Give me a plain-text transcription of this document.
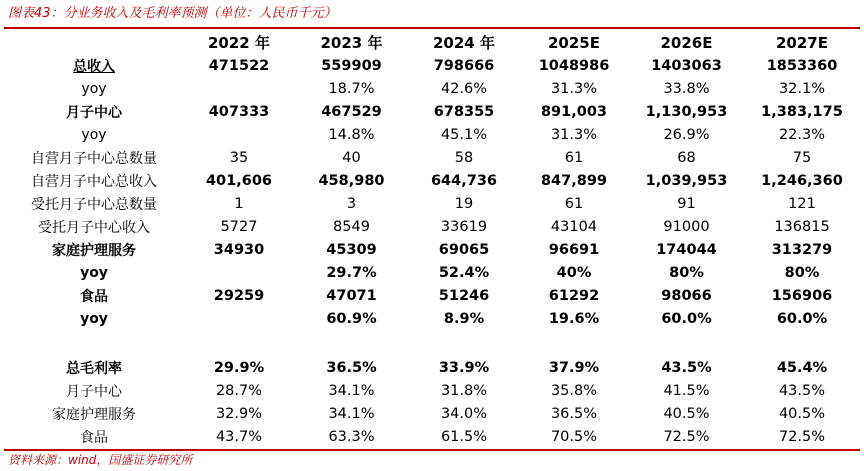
图表43：分业务收入及毛利率预测（单位：人民币千元）
	2022 年	2023 年	2024 年	2025E	2026E	2027E
总收入	471522	559909	798666	1048986	1403063	1853360
yoy		18.7%	42.6%	31.3%	33.8%	32.1%
月子中心	407333	467529	678355	891,003	1,130,953	1,383,175
yoy		14.8%	45.1%	31.3%	26.9%	22.3%
自营月子中心总数量	35	40	58	61	68	75
自营月子中心总收入	401,606	458,980	644,736	847,899	1,039,953	1,246,360
受托月子中心总数量	1	3	19	61	91	121
受托月子中心收入	5727	8549	33619	43104	91000	136815
家庭护理服务	34930	45309	69065	96691	174044	313279
yoy		29.7%	52.4%	40%	80%	80%
食品	29259	47071	51246	61292	98066	156906
yoy		60.9%	8.9%	19.6%	60.0%	60.0%

总毛利率	29.9%	36.5%	33.9%	37.9%	43.5%	45.4%
月子中心	28.7%	34.1%	31.8%	35.8%	41.5%	43.5%
家庭护理服务	32.9%	34.1%	34.0%	36.5%	40.5%	40.5%
食品	43.7%	63.3%	61.5%	70.5%	72.5%	72.5%
资料来源：wind，国盛证券研究所
